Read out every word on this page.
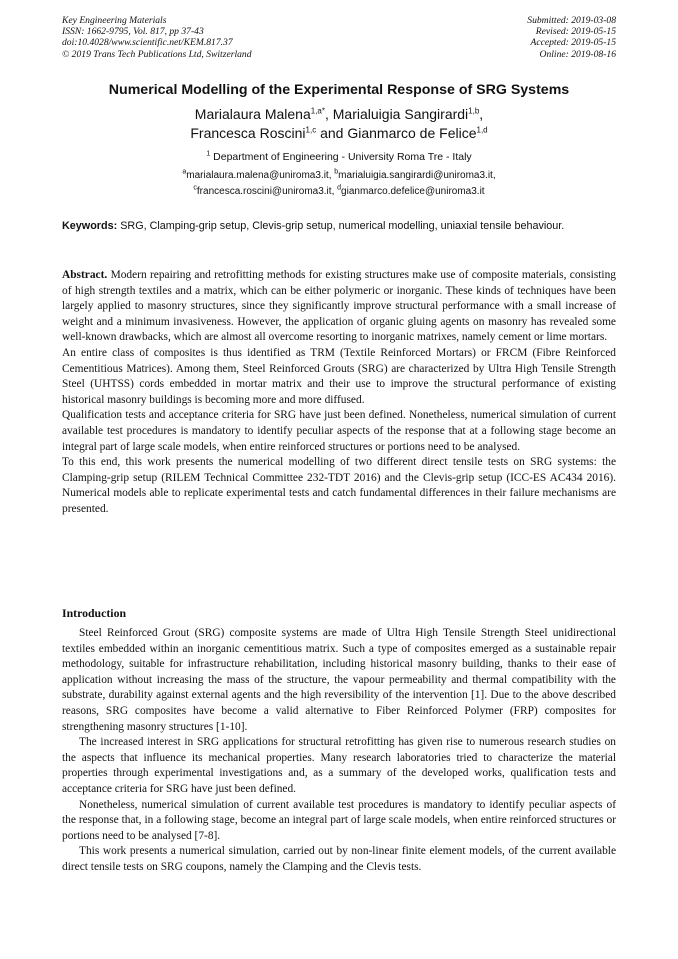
Key Engineering Materials
ISSN: 1662-9795, Vol. 817, pp 37-43
doi:10.4028/www.scientific.net/KEM.817.37
© 2019 Trans Tech Publications Ltd, Switzerland
Submitted: 2019-03-08
Revised: 2019-05-15
Accepted: 2019-05-15
Online: 2019-08-16
Numerical Modelling of the Experimental Response of SRG Systems
Marialaura Malena$^{1,a*}$, Marialuigia Sangirardi$^{1,b}$,
Francesca Roscini$^{1,c}$ and Gianmarco de Felice$^{1,d}$
$^1$ Department of Engineering - University Roma Tre - Italy
$^a$marialaura.malena@uniroma3.it, $^b$marialuigia.sangirardi@uniroma3.it,
$^c$francesca.roscini@uniroma3.it, $^d$gianmarco.defelice@uniroma3.it
Keywords: SRG, Clamping-grip setup, Clevis-grip setup, numerical modelling, uniaxial tensile behaviour.

Abstract. Modern repairing and retrofitting methods for existing structures make use of composite materials, consisting of high strength textiles and a matrix, which can be either polymeric or inorganic. These kinds of techniques have been largely applied to masonry structures, since they significantly improve structural performance with a small increase of weight and a minimum invasiveness. However, the application of organic gluing agents on masonry has revealed some well-known drawbacks, which are almost all overcome resorting to inorganic matrixes, namely cement or lime mortars.

An entire class of composites is thus identified as TRM (Textile Reinforced Mortars) or FRCM (Fibre Reinforced Cementitious Matrices). Among them, Steel Reinforced Grouts (SRG) are characterized by Ultra High Tensile Strength Steel (UHTSS) cords embedded in mortar matrix and their use to improve the structural performance of existing historical masonry buildings is becoming more and more diffused.

Qualification tests and acceptance criteria for SRG have just been defined. Nonetheless, numerical simulation of current available test procedures is mandatory to identify peculiar aspects of the response that at a following stage become an integral part of large scale models, when entire reinforced structures or portions need to be analysed.

To this end, this work presents the numerical modelling of two different direct tensile tests on SRG systems: the Clamping-grip setup (RILEM Technical Committee 232-TDT 2016) and the Clevis-grip setup (ICC-ES AC434 2016). Numerical models able to replicate experimental tests and catch fundamental differences in their failure mechanisms are presented.

Introduction

Steel Reinforced Grout (SRG) composite systems are made of Ultra High Tensile Strength Steel unidirectional textiles embedded within an inorganic cementitious matrix. Such a type of composites emerged as a sustainable repair methodology, suitable for infrastructure rehabilitation, including historical masonry building, thanks to their ease of application without increasing the mass of the structure, the vapour permeability and thermal compatibility with the substrate, durability against external agents and the high reversibility of the intervention [1]. Due to the above described reasons, SRG composites have become a valid alternative to Fiber Reinforced Polymer (FRP) composites for strengthening masonry structures [1-10].

The increased interest in SRG applications for structural retrofitting has given rise to numerous research studies on the aspects that influence its mechanical properties. Many research laboratories tried to characterize the material properties through experimental investigations and, as a summary of the developed works, qualification tests and acceptance criteria for SRG have just been defined.

Nonetheless, numerical simulation of current available test procedures is mandatory to identify peculiar aspects of the response that, in a following stage, become an integral part of large scale models, when entire reinforced structures or portions need to be analysed [7-8].

This work presents a numerical simulation, carried out by non-linear finite element models, of the current available direct tensile tests on SRG coupons, namely the Clamping and the Clevis tests.
